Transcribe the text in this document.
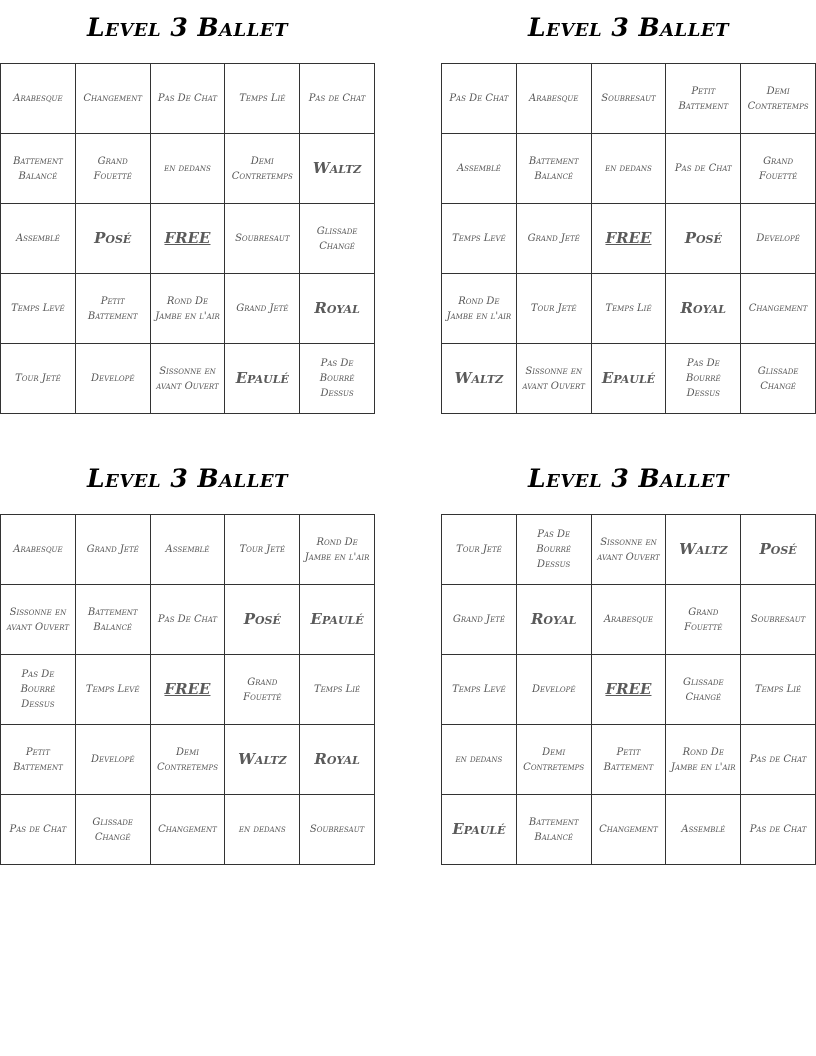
Level 3 Ballet
Arabesque	Changement	Pas De Chat	Temps Lié	Pas de Chat
Battement Balancé	Grand Fouetté	en dedans	Demi Contretemps	Waltz
Assemblé	Posé	FREE	Soubresaut	Glissade Changé
Temps Levé	Petit Battement	Rond De Jambe en l'air	Grand Jeté	Royal
Tour Jeté	Developé	Sissonne en avant Ouvert	Epaulé	Pas De Bourré Dessus
Level 3 Ballet
Pas De Chat	Arabesque	Soubresaut	Petit Battement	Demi Contretemps
Assemblé	Battement Balancé	en dedans	Pas de Chat	Grand Fouetté
Temps Levé	Grand Jeté	FREE	Posé	Developé
Rond De Jambe en l'air	Tour Jeté	Temps Lié	Royal	Changement
Waltz	Sissonne en avant Ouvert	Epaulé	Pas De Bourré Dessus	Glissade Changé
Level 3 Ballet
Arabesque	Grand Jeté	Assemblé	Tour Jeté	Rond De Jambe en l'air
Sissonne en avant Ouvert	Battement Balancé	Pas De Chat	Posé	Epaulé
Pas De Bourré Dessus	Temps Levé	FREE	Grand Fouetté	Temps Lié
Petit Battement	Developé	Demi Contretemps	Waltz	Royal
Pas de Chat	Glissade Changé	Changement	en dedans	Soubresaut
Level 3 Ballet
Tour Jeté	Pas De Bourré Dessus	Sissonne en avant Ouvert	Waltz	Posé
Grand Jeté	Royal	Arabesque	Grand Fouetté	Soubresaut
Temps Levé	Developé	FREE	Glissade Changé	Temps Lié
en dedans	Demi Contretemps	Petit Battement	Rond De Jambe en l'air	Pas de Chat
Epaulé	Battement Balancé	Changement	Assemblé	Pas de Chat
